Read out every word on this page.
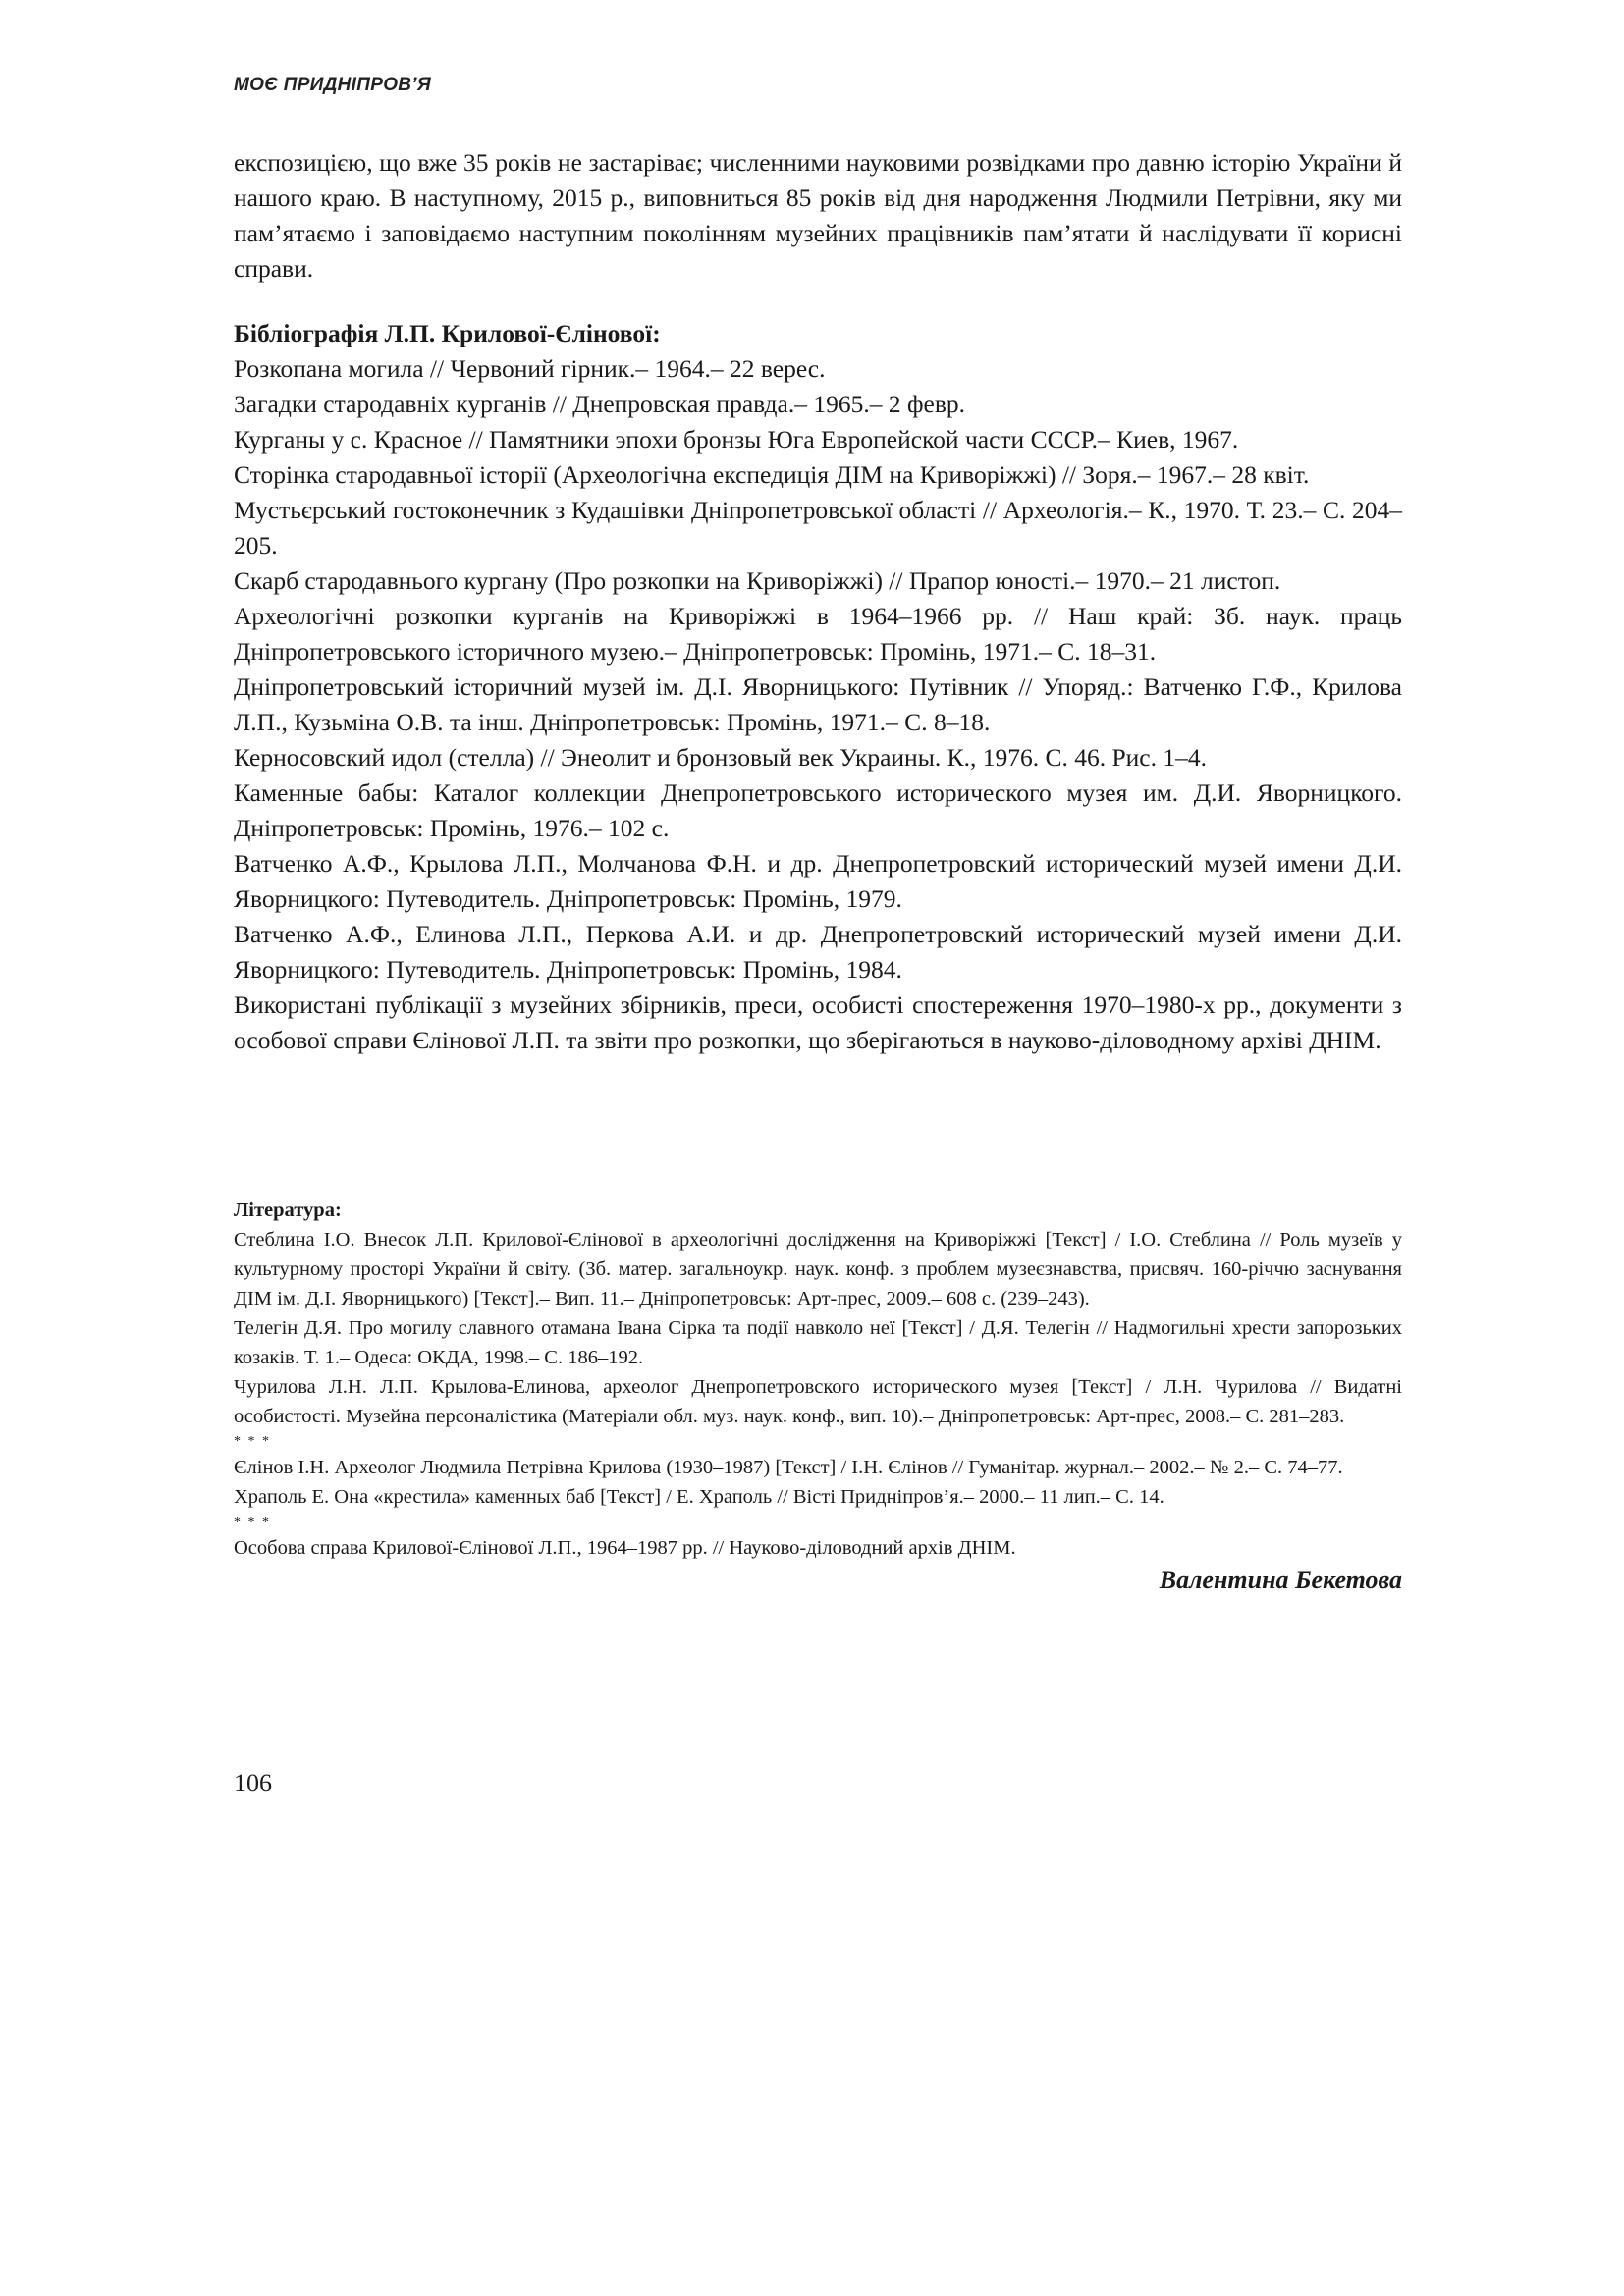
МОЄ ПРИДНІПРОВ’Я

експозицією, що вже 35 років не застаріває; численними науковими розвідками про давню історію України й нашого краю. В наступному, 2015 р., виповниться 85 років від дня народження Людмили Петрівни, яку ми пам’ятаємо і заповідаємо наступним поколінням музейних працівників пам’ятати й наслідувати її корисні справи.

Бібліографія Л.П. Крилової-Єлінової:

Розкопана могила // Червоний гірник.– 1964.– 22 верес.

Загадки стародавніх курганів // Днепровская правда.– 1965.– 2 февр.

Курганы у с. Красное // Памятники эпохи бронзы Юга Европейской части СССР.– Киев, 1967.

Сторінка стародавньої історії (Археологічна експедиція ДІМ на Криворіжжі) // Зоря.– 1967.– 28 квіт.

Мустьєрський гостоконечник з Кудашівки Дніпропетровської області // Археологія.– К., 1970. Т. 23.– С. 204–205.

Скарб стародавнього кургану (Про розкопки на Криворіжжі) // Прапор юності.– 1970.– 21 листоп.

Археологічні розкопки курганів на Криворіжжі в 1964–1966 рр. // Наш край: Зб. наук. праць Дніпропетровського історичного музею.– Дніпропетровськ: Промінь, 1971.– С. 18–31.

Дніпропетровський історичний музей ім. Д.І. Яворницького: Путівник // Упоряд.: Ватченко Г.Ф., Крилова Л.П., Кузьміна О.В. та інш. Дніпропетровськ: Промінь, 1971.– С. 8–18.

Керносовский идол (стелла) // Энеолит и бронзовый век Украины. К., 1976. С. 46. Рис. 1–4.

Каменные бабы: Каталог коллекции Днепропетровського исторического музея им. Д.И. Яворницкого. Дніпропетровськ: Промінь, 1976.– 102 с.

Ватченко А.Ф., Крылова Л.П., Молчанова Ф.Н. и др. Днепропетровский исторический музей имени Д.И. Яворницкого: Путеводитель. Дніпропетровськ: Промінь, 1979.

Ватченко А.Ф., Елинова Л.П., Перкова А.И. и др. Днепропетровский исторический музей имени Д.И. Яворницкого: Путеводитель. Дніпропетровськ: Промінь, 1984.

Використані публікації з музейних збірників, преси, особисті спостереження 1970–1980-х рр., документи з особової справи Єлінової Л.П. та звіти про розкопки, що зберігаються в науково-діловодному архіві ДНІМ.

Література:

Стеблина І.О. Внесок Л.П. Крилової-Єлінової в археологічні дослідження на Криворіжжі [Текст] / І.О. Стеблина // Роль музеїв у культурному просторі України й світу. (Зб. матер. загальноукр. наук. конф. з проблем музеєзнавства, присвяч. 160-річчю заснування ДІМ ім. Д.І. Яворницького) [Текст].– Вип. 11.– Дніпропетровськ: Арт-прес, 2009.– 608 с. (239–243).

Телегін Д.Я. Про могилу славного отамана Івана Сірка та події навколо неї [Текст] / Д.Я. Телегін // Надмогильні хрести запорозьких козаків. Т. 1.– Одеса: ОКДА, 1998.– С. 186–192.

Чурилова Л.Н. Л.П. Крылова-Елинова, археолог Днепропетровского исторического музея [Текст] / Л.Н. Чурилова // Видатні особистості. Музейна персоналістика (Матеріали обл. муз. наук. конф., вип. 10).– Дніпропетровськ: Арт-прес, 2008.– С. 281–283.

* * *

Єлінов І.Н. Археолог Людмила Петрівна Крилова (1930–1987) [Текст] / І.Н. Єлінов // Гуманітар. журнал.– 2002.– № 2.– С. 74–77.

Храполь Е. Она «крестила» каменных баб [Текст] / Е. Храполь // Вісті Придніпров’я.– 2000.– 11 лип.– С. 14.

* * *

Особова справа Крилової-Єлінової Л.П., 1964–1987 рр. // Науково-діловодний архів ДНІМ.

Валентина Бекетова
106
